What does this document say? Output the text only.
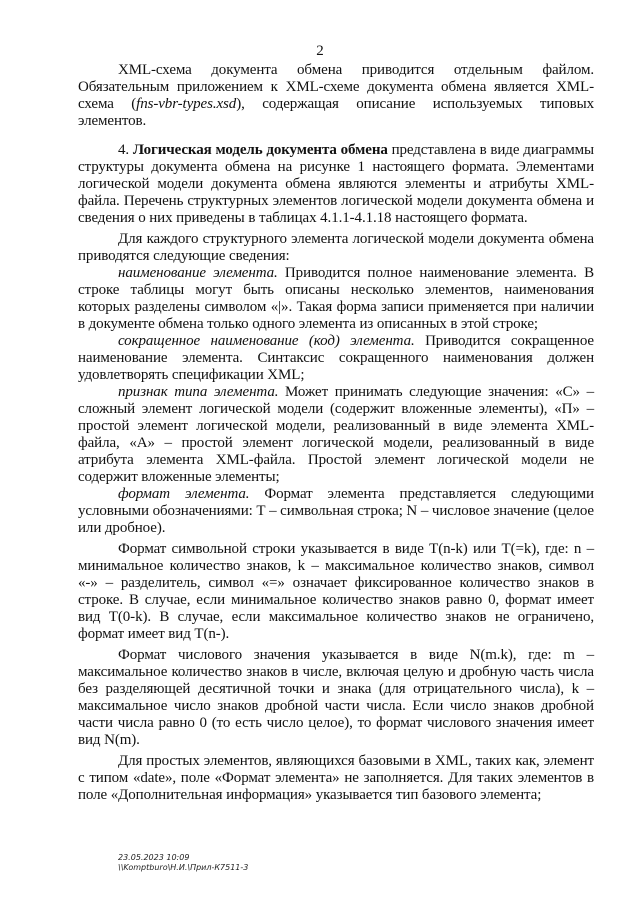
2

XML-схема документа обмена приводится отдельным файлом. Обязательным приложением к XML-схеме документа обмена является XML-схема (fns-vbr-types.xsd), содержащая описание используемых типовых элементов.

4. Логическая модель документа обмена представлена в виде диаграммы структуры документа обмена на рисунке 1 настоящего формата. Элементами логической модели документа обмена являются элементы и атрибуты XML-файла. Перечень структурных элементов логической модели документа обмена и сведения о них приведены в таблицах 4.1.1-4.1.18 настоящего формата.

Для каждого структурного элемента логической модели документа обмена приводятся следующие сведения:

наименование элемента. Приводится полное наименование элемента. В строке таблицы могут быть описаны несколько элементов, наименования которых разделены символом «|». Такая форма записи применяется при наличии в документе обмена только одного элемента из описанных в этой строке;

сокращенное наименование (код) элемента. Приводится сокращенное наименование элемента. Синтаксис сокращенного наименования должен удовлетворять спецификации XML;

признак типа элемента. Может принимать следующие значения: «С» – сложный элемент логической модели (содержит вложенные элементы), «П» – простой элемент логической модели, реализованный в виде элемента XML-файла, «А» – простой элемент логической модели, реализованный в виде атрибута элемента XML-файла. Простой элемент логической модели не содержит вложенные элементы;

формат элемента. Формат элемента представляется следующими условными обозначениями: Т – символьная строка; N – числовое значение (целое или дробное).

Формат символьной строки указывается в виде Т(n-k) или Т(=k), где: n – минимальное количество знаков, k – максимальное количество знаков, символ «-» – разделитель, символ «=» означает фиксированное количество знаков в строке. В случае, если минимальное количество знаков равно 0, формат имеет вид Т(0-k). В случае, если максимальное количество знаков не ограничено, формат имеет вид Т(n-).

Формат числового значения указывается в виде N(m.k), где: m – максимальное количество знаков в числе, включая целую и дробную часть числа без разделяющей десятичной точки и знака (для отрицательного числа), k – максимальное число знаков дробной части числа. Если число знаков дробной части числа равно 0 (то есть число целое), то формат числового значения имеет вид N(m).

Для простых элементов, являющихся базовыми в XML, таких как, элемент с типом «date», поле «Формат элемента» не заполняется. Для таких элементов в поле «Дополнительная информация» указывается тип базового элемента;

23.05.2023 10:09
\\Komptburo\Н.И.\Прил-К7511-3
